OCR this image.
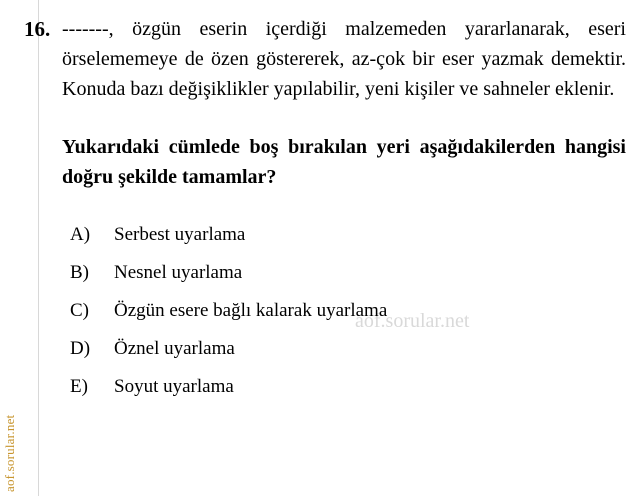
aof.sorular.net
aof.sorular.net
16. -------, özgün eserin içerdiği malzemeden yararlanarak, eseri örselememeye de özen göstererek, az-çok bir eser yazmak demektir. Konuda bazı değişiklikler yapılabilir, yeni kişiler ve sahneler eklenir.
Yukarıdaki cümlede boş bırakılan yeri aşağıdakilerden hangisi doğru şekilde tamamlar?
A)	Serbest uyarlama
B)	Nesnel uyarlama
C)	Özgün esere bağlı kalarak uyarlama
D)	Öznel uyarlama
E)	Soyut uyarlama
